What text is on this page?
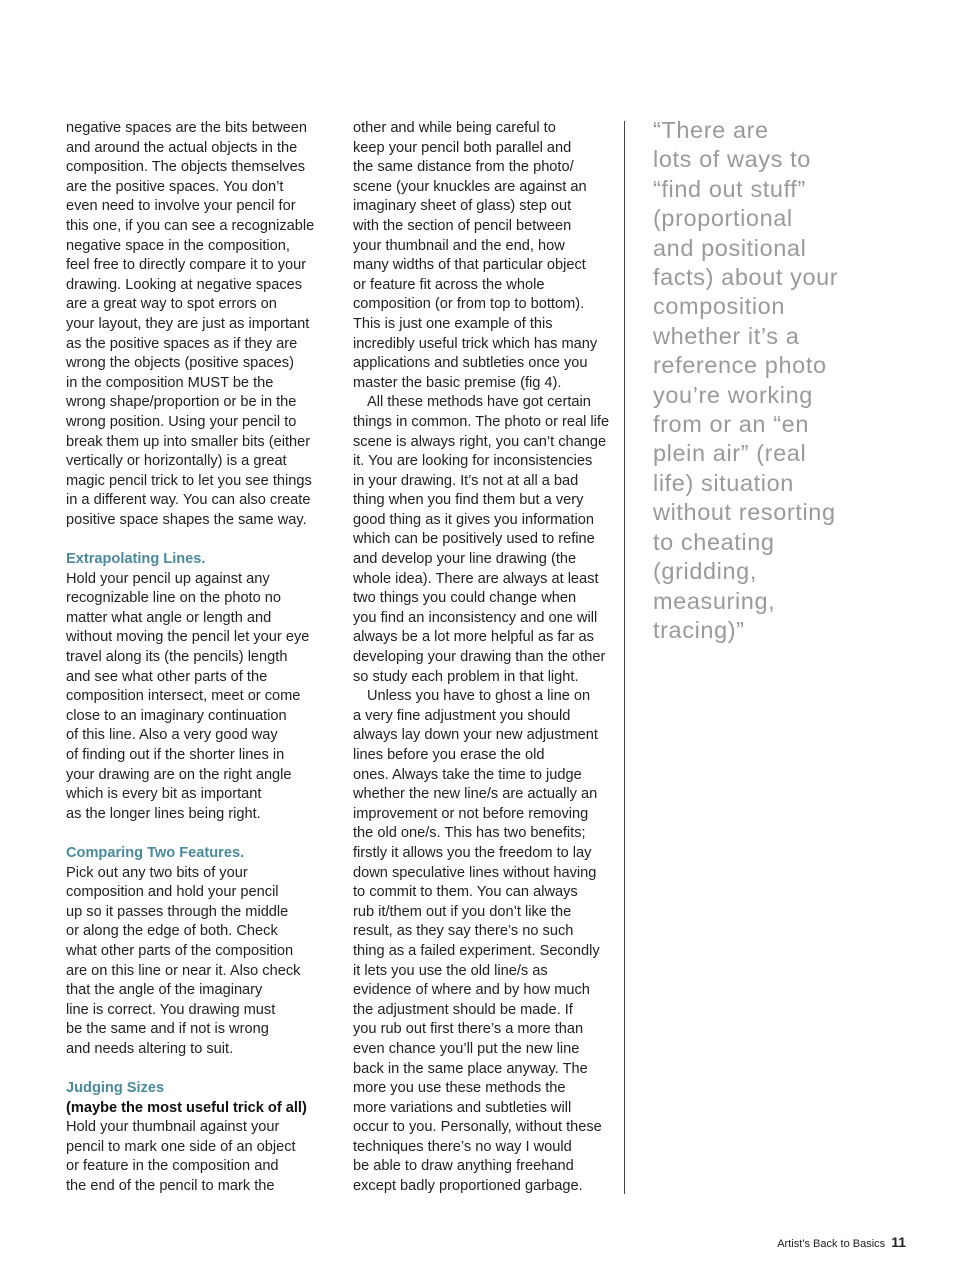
negative spaces are the bits between
and around the actual objects in the
composition. The objects themselves
are the positive spaces. You don’t
even need to involve your pencil for
this one, if you can see a recognizable
negative space in the composition,
feel free to directly compare it to your
drawing. Looking at negative spaces
are a great way to spot errors on
your layout, they are just as important
as the positive spaces as if they are
wrong the objects (positive spaces)
in the composition MUST be the
wrong shape/proportion or be in the
wrong position. Using your pencil to
break them up into smaller bits (either
vertically or horizontally) is a great
magic pencil trick to let you see things
in a different way. You can also create
positive space shapes the same way.
Extrapolating Lines.
Hold your pencil up against any
recognizable line on the photo no
matter what angle or length and
without moving the pencil let your eye
travel along its (the pencils) length
and see what other parts of the
composition intersect, meet or come
close to an imaginary continuation
of this line. Also a very good way
of finding out if the shorter lines in
your drawing are on the right angle
which is every bit as important
as the longer lines being right.
Comparing Two Features.
Pick out any two bits of your
composition and hold your pencil
up so it passes through the middle
or along the edge of both. Check
what other parts of the composition
are on this line or near it. Also check
that the angle of the imaginary
line is correct. You drawing must
be the same and if not is wrong
and needs altering to suit.
Judging Sizes
(maybe the most useful trick of all)
Hold your thumbnail against your
pencil to mark one side of an object
or feature in the composition and
the end of the pencil to mark the
other and while being careful to
keep your pencil both parallel and
the same distance from the photo/
scene (your knuckles are against an
imaginary sheet of glass) step out
with the section of pencil between
your thumbnail and the end, how
many widths of that particular object
or feature fit across the whole
composition (or from top to bottom).
This is just one example of this
incredibly useful trick which has many
applications and subtleties once you
master the basic premise (fig 4).
All these methods have got certain
things in common. The photo or real life
scene is always right, you can’t change
it. You are looking for inconsistencies
in your drawing. It’s not at all a bad
thing when you find them but a very
good thing as it gives you information
which can be positively used to refine
and develop your line drawing (the
whole idea). There are always at least
two things you could change when
you find an inconsistency and one will
always be a lot more helpful as far as
developing your drawing than the other
so study each problem in that light.
Unless you have to ghost a line on
a very fine adjustment you should
always lay down your new adjustment
lines before you erase the old
ones. Always take the time to judge
whether the new line/s are actually an
improvement or not before removing
the old one/s. This has two benefits;
firstly it allows you the freedom to lay
down speculative lines without having
to commit to them. You can always
rub it/them out if you don’t like the
result, as they say there’s no such
thing as a failed experiment. Secondly
it lets you use the old line/s as
evidence of where and by how much
the adjustment should be made. If
you rub out first there’s a more than
even chance you’ll put the new line
back in the same place anyway. The
more you use these methods the
more variations and subtleties will
occur to you. Personally, without these
techniques there’s no way I would
be able to draw anything freehand
except badly proportioned garbage.
“There are
lots of ways to
“find out stuff”
(proportional
and positional
facts) about your
composition
whether it’s a
reference photo
you’re working
from or an “en
plein air” (real
life) situation
without resorting
to cheating
(gridding,
measuring,
tracing)”
Artist’s Back to Basics 11
